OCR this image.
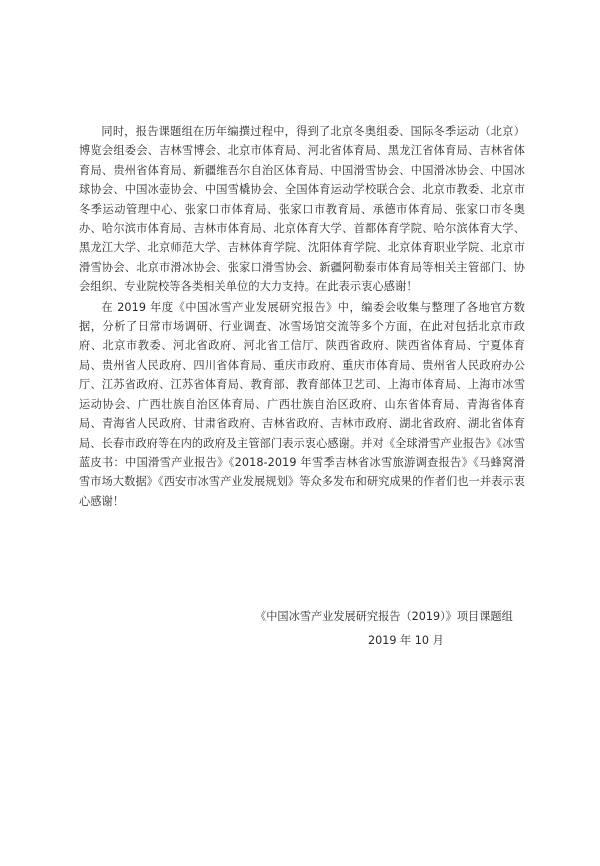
同时，报告课题组在历年编撰过程中，得到了北京冬奥组委、国际冬季运动（北京）博览会组委会、吉林雪博会、北京市体育局、河北省体育局、黑龙江省体育局、吉林省体育局、贵州省体育局、新疆维吾尔自治区体育局、中国滑雪协会、中国滑冰协会、中国冰球协会、中国冰壶协会、中国雪橇协会、全国体育运动学校联合会、北京市教委、北京市冬季运动管理中心、张家口市体育局、张家口市教育局、承德市体育局、张家口市冬奥办、哈尔滨市体育局、吉林市体育局、北京体育大学、首都体育学院、哈尔滨体育大学、黑龙江大学、北京师范大学、吉林体育学院、沈阳体育学院、北京体育职业学院、北京市滑雪协会、北京市滑冰协会、张家口滑雪协会、新疆阿勒泰市体育局等相关主管部门、协会组织、专业院校等各类相关单位的大力支持。在此表示衷心感谢！

在 2019 年度《中国冰雪产业发展研究报告》中，编委会收集与整理了各地官方数据，分析了日常市场调研、行业调查、冰雪场馆交流等多个方面，在此对包括北京市政府、北京市教委、河北省政府、河北省工信厅、陕西省政府、陕西省体育局、宁夏体育局、贵州省人民政府、四川省体育局、重庆市政府、重庆市体育局、贵州省人民政府办公厅、江苏省政府、江苏省体育局、教育部、教育部体卫艺司、上海市体育局、上海市冰雪运动协会、广西壮族自治区体育局、广西壮族自治区政府、山东省体育局、青海省体育局、青海省人民政府、甘肃省政府、吉林省政府、吉林市政府、湖北省政府、湖北省体育局、长春市政府等在内的政府及主管部门表示衷心感谢。并对《全球滑雪产业报告》《冰雪蓝皮书：中国滑雪产业报告》《2018-2019 年雪季吉林省冰雪旅游调查报告》《马蜂窝滑雪市场大数据》《西安市冰雪产业发展规划》等众多发布和研究成果的作者们也一并表示衷心感谢！

《中国冰雪产业发展研究报告（2019）》项目课题组

2019 年 10 月
